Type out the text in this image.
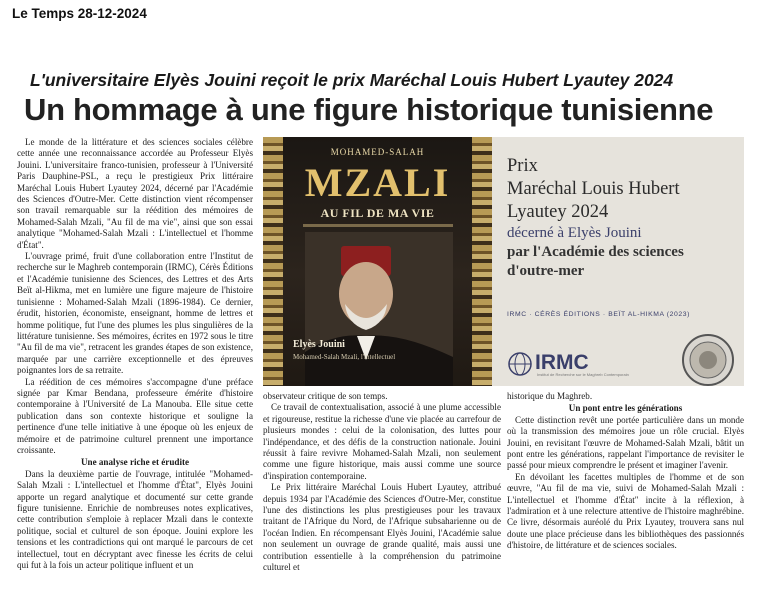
Le Temps 28-12-2024
L'universitaire Elyès Jouini reçoit le prix Maréchal Louis Hubert Lyautey 2024
Un hommage à une figure historique tunisienne

Le monde de la littérature et des sciences sociales célèbre cette année une reconnaissance accordée au Professeur Elyès Jouini. L'universitaire franco-tunisien, professeur à l'Université Paris Dauphine-PSL, a reçu le prestigieux Prix littéraire Maréchal Louis Hubert Lyautey 2024, décerné par l'Académie des Sciences d'Outre-Mer. Cette distinction vient récompenser son travail remarquable sur la réédition des mémoires de Mohamed-Salah Mzali, "Au fil de ma vie", ainsi que son essai analytique "Mohamed-Salah Mzali : L'intellectuel et l'homme d'État".

L'ouvrage primé, fruit d'une collaboration entre l'Institut de recherche sur le Maghreb contemporain (IRMC), Cérès Éditions et l'Académie tunisienne des Sciences, des Lettres et des Arts Beït al-Hikma, met en lumière une figure majeure de l'histoire tunisienne : Mohamed-Salah Mzali (1896-1984). Ce dernier, érudit, historien, économiste, enseignant, homme de lettres et homme politique, fut l'une des plumes les plus singulières de la littérature tunisienne. Ses mémoires, écrites en 1972 sous le titre "Au fil de ma vie", retracent les grandes étapes de son existence, marquée par une carrière exceptionnelle et des épreuves poignantes lors de sa retraite.

La réédition de ces mémoires s'accompagne d'une préface signée par Kmar Bendana, professeure émérite d'histoire contemporaine à l'Université de La Manouba. Elle situe cette publication dans son contexte historique et souligne la pertinence d'une telle initiative à une époque où les enjeux de mémoire et de patrimoine culturel prennent une importance croissante.

Une analyse riche et érudite

Dans la deuxième partie de l'ouvrage, intitulée "Mohamed-Salah Mzali : L'intellectuel et l'homme d'État", Elyès Jouini apporte un regard analytique et documenté sur cette grande figure tunisienne. Enrichie de nombreuses notes explicatives, cette contribution s'emploie à replacer Mzali dans le contexte politique, social et culturel de son époque. Jouini explore les tensions et les contradictions qui ont marqué le parcours de cet intellectuel, tout en décryptant avec finesse les écrits de celui qui fut à la fois un acteur politique influent et un

MOHAMED-SALAH
MZALI
AU FIL DE MA VIE
Elyès Jouini
Mohamed-Salah Mzali, l'intellectuel
Prix
Maréchal Louis Hubert
Lyautey 2024
décerné à Elyès Jouini
par l'Académie des sciences
d'outre-mer
IRMC · CÉRÈS ÉDITIONS · BEÏT AL-HIKMA (2023)
IRMC
Institut de Recherche sur le Maghreb Contemporain

observateur critique de son temps.

Ce travail de contextualisation, associé à une plume accessible et rigoureuse, restitue la richesse d'une vie placée au carrefour de plusieurs mondes : celui de la colonisation, des luttes pour l'indépendance, et des défis de la construction nationale. Jouini réussit à faire revivre Mohamed-Salah Mzali, non seulement comme une figure historique, mais aussi comme une source d'inspiration contemporaine.

Le Prix littéraire Maréchal Louis Hubert Lyautey, attribué depuis 1934 par l'Académie des Sciences d'Outre-Mer, constitue l'une des distinctions les plus prestigieuses pour les travaux traitant de l'Afrique du Nord, de l'Afrique subsaharienne ou de l'océan Indien. En récompensant Elyès Jouini, l'Académie salue non seulement un ouvrage de grande qualité, mais aussi une contribution essentielle à la compréhension du patrimoine culturel et

historique du Maghreb.

Un pont entre les générations

Cette distinction revêt une portée particulière dans un monde où la transmission des mémoires joue un rôle crucial. Elyès Jouini, en revisitant l'œuvre de Mohamed-Salah Mzali, bâtit un pont entre les générations, rappelant l'importance de revisiter le passé pour mieux comprendre le présent et imaginer l'avenir.

En dévoilant les facettes multiples de l'homme et de son œuvre, "Au fil de ma vie, suivi de Mohamed-Salah Mzali : L'intellectuel et l'homme d'État" incite à la réflexion, à l'admiration et à une relecture attentive de l'histoire maghrébine. Ce livre, désormais auréolé du Prix Lyautey, trouvera sans nul doute une place précieuse dans les bibliothèques des passionnés d'histoire, de littérature et de sciences sociales.
